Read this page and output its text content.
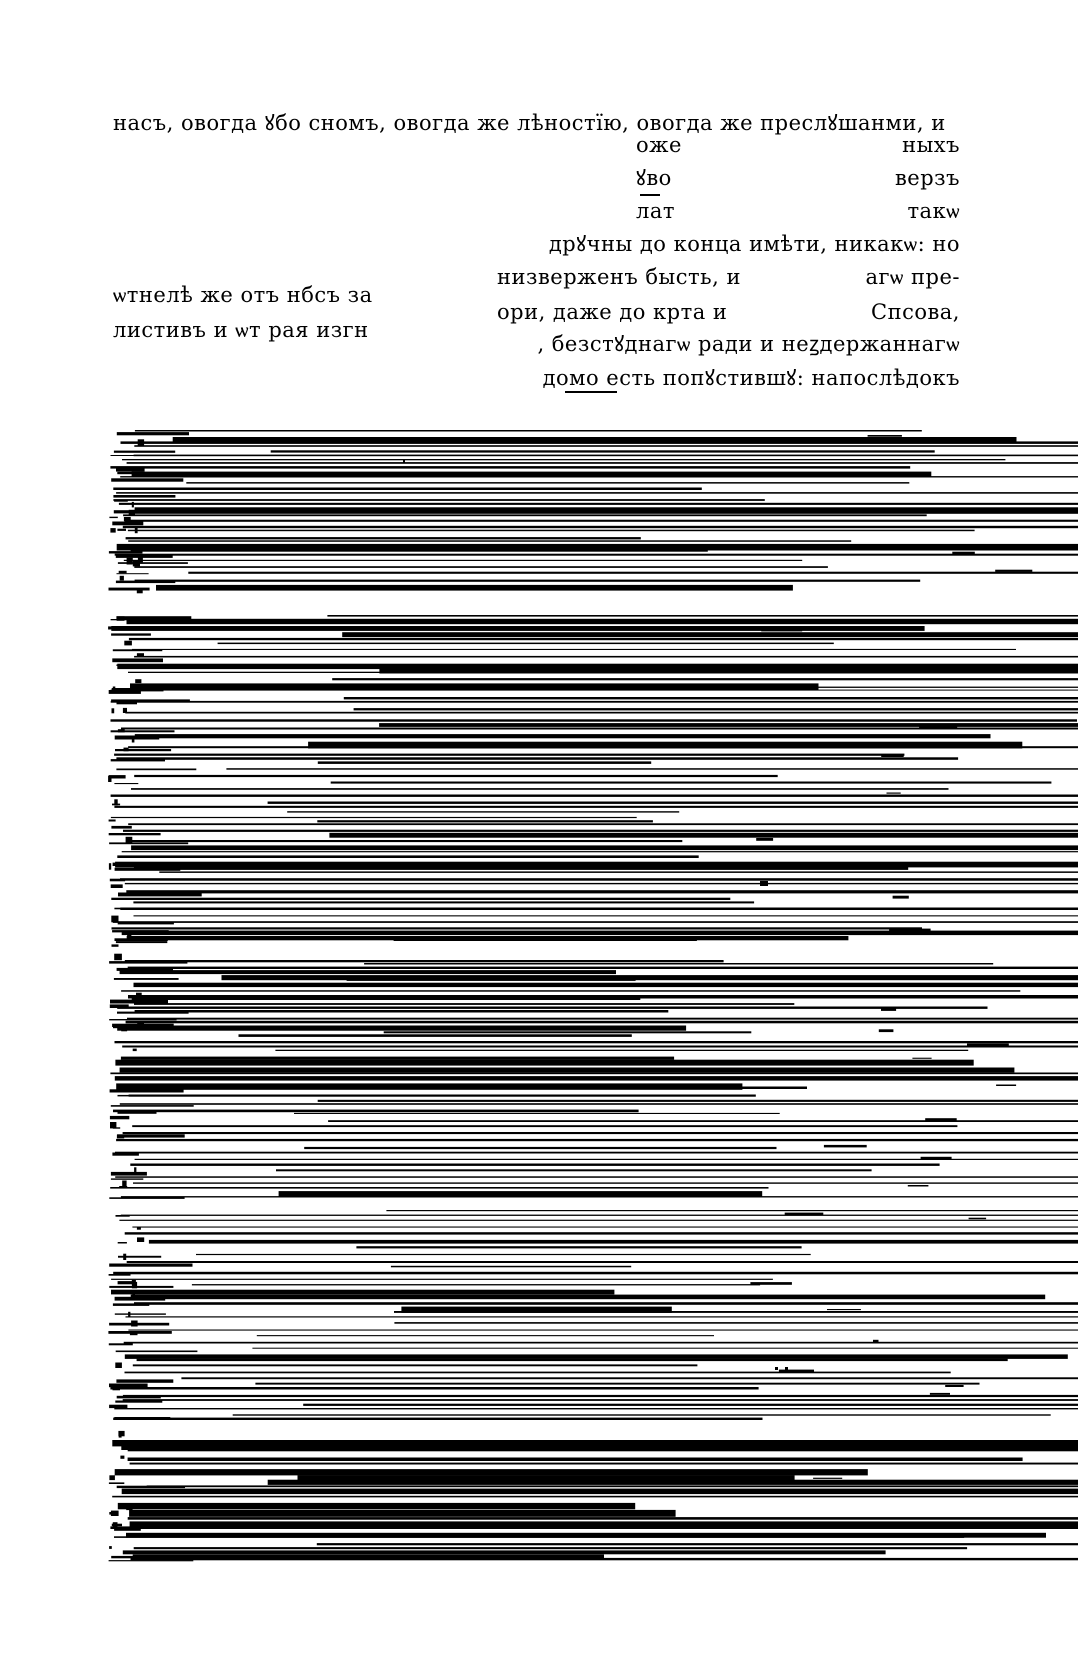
насъ, овогда ꙋбо сномъ, овогда же лѣностїю, овогда же преслꙋшанми, и

оже	ныхъ

ꙋво	верзъ

лат	такѡ

дрꙋчны до конца имѣти, никакѡ: но

ѡтнелѣ же отъ нбсъ за

низверженъ бысть, и	агѡ пре-

листивъ и ѡт рая изгн

ори, даже до крта и	Спсова,

, безстꙋднагѡ ради и неꙁдержаннагѡ

домо есть попꙋстившꙋ: напослѣдокъ
